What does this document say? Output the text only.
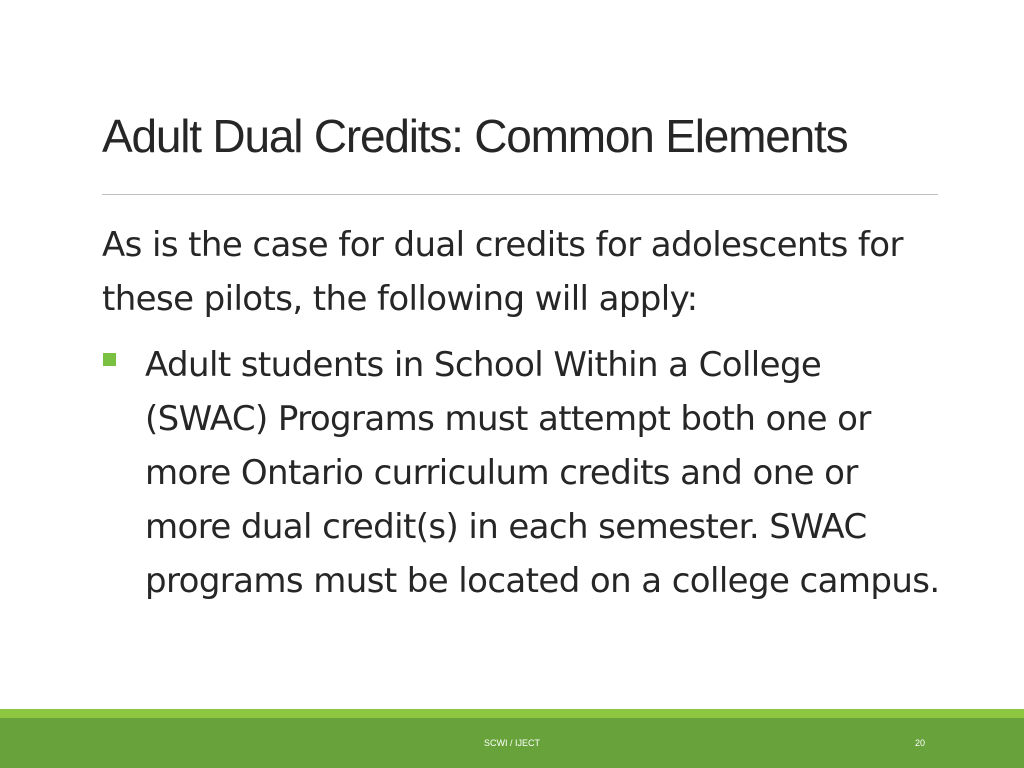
Adult Dual Credits: Common Elements

As is the case for dual credits for adolescents for these pilots, the following will apply:

Adult students in School Within a College (SWAC) Programs must attempt both one or more Ontario curriculum credits and one or more dual credit(s) in each semester. SWAC programs must be located on a college campus.
SCWI / IJECT	20
